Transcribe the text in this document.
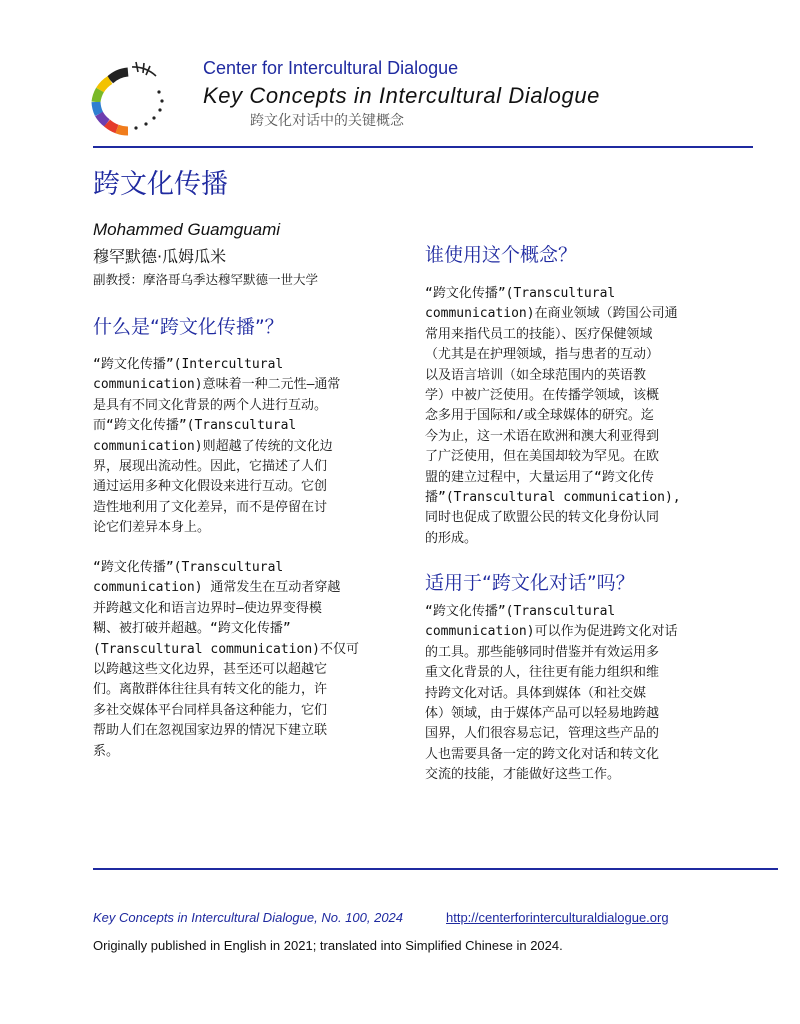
Center for Intercultural Dialogue
Key Concepts in Intercultural Dialogue
跨文化对话中的关键概念
跨文化传播
Mohammed Guamguami
穆罕默德·瓜姆瓜米
副教授：摩洛哥乌季达穆罕默德一世大学
什么是“跨文化传播”？

“跨文化传播”(Intercultural
communication)意味着一种二元性—通常
是具有不同文化背景的两个人进行互动。
而“跨文化传播”(Transcultural
communication)则超越了传统的文化边
界，展现出流动性。因此，它描述了人们
通过运用多种文化假设来进行互动。它创
造性地利用了文化差异，而不是停留在讨
论它们差异本身上。

“跨文化传播”(Transcultural
communication) 通常发生在互动者穿越
并跨越文化和语言边界时—使边界变得模
糊、被打破并超越。“跨文化传播”
(Transcultural communication)不仅可
以跨越这些文化边界，甚至还可以超越它
们。离散群体往往具有转文化的能力，许
多社交媒体平台同样具备这种能力，它们
帮助人们在忽视国家边界的情况下建立联
系。

谁使用这个概念？

“跨文化传播”(Transcultural
communication)在商业领域（跨国公司通
常用来指代员工的技能）、医疗保健领域
（尤其是在护理领域，指与患者的互动）
以及语言培训（如全球范围内的英语教
学）中被广泛使用。在传播学领域，该概
念多用于国际和/或全球媒体的研究。迄
今为止，这一术语在欧洲和澳大利亚得到
了广泛使用，但在美国却较为罕见。在欧
盟的建立过程中，大量运用了“跨文化传
播”(Transcultural communication),
同时也促成了欧盟公民的转文化身份认同
的形成。

适用于“跨文化对话”吗？

“跨文化传播”(Transcultural
communication)可以作为促进跨文化对话
的工具。那些能够同时借鉴并有效运用多
重文化背景的人，往往更有能力组织和维
持跨文化对话。具体到媒体（和社交媒
体）领域，由于媒体产品可以轻易地跨越
国界，人们很容易忘记，管理这些产品的
人也需要具备一定的跨文化对话和转文化
交流的技能，才能做好这些工作。

Key Concepts in Intercultural Dialogue, No. 100, 2024	http://centerforinterculturaldialogue.org
Originally published in English in 2021; translated into Simplified Chinese in 2024.
